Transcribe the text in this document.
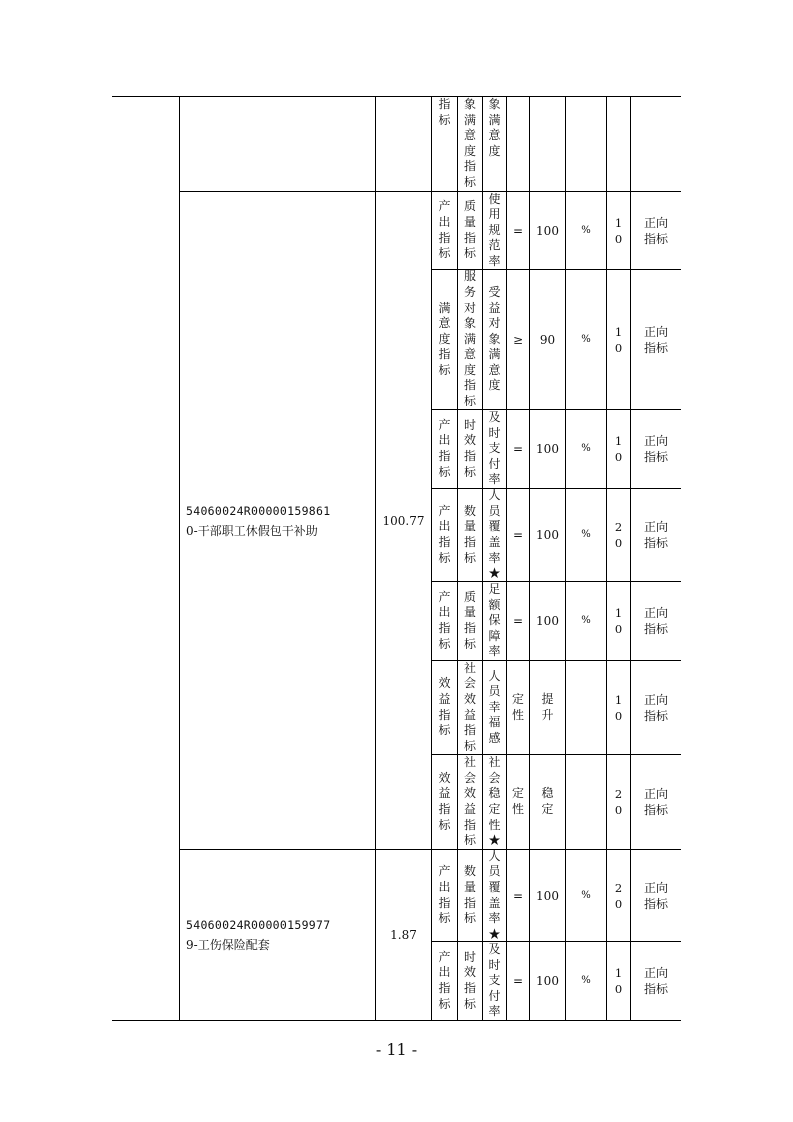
指标
象满意度指标
象满意度
54060024R00000159861
0-干部职工休假包干补助
100.77
产出指标
质量指标
使用规范率
= 100 %
10
正向指标
满意度指标
服务对象满意度指标
受益对象满意度
≥ 90	%
10
正向指标
产出指标
时效指标
及时支付率
= 100 %
10
正向指标
产出指标
数量指标
人员覆盖率★
= 100 %
20
正向指标
产出指标
质量指标
足额保障率
= 100 %
10
正向指标
效益指标
社会效益指标
人员幸福感
定性
提升
10
正向指标
效益指标
社会效益指标
社会稳定性★
定性
稳定
20
正向指标
54060024R00000159977
9-工伤保险配套
1.87
产出指标
数量指标
人员覆盖率★
= 100 %
20
正向指标
产出指标
时效指标
及时支付率
= 100 %
10
正向指标
- 11 -
